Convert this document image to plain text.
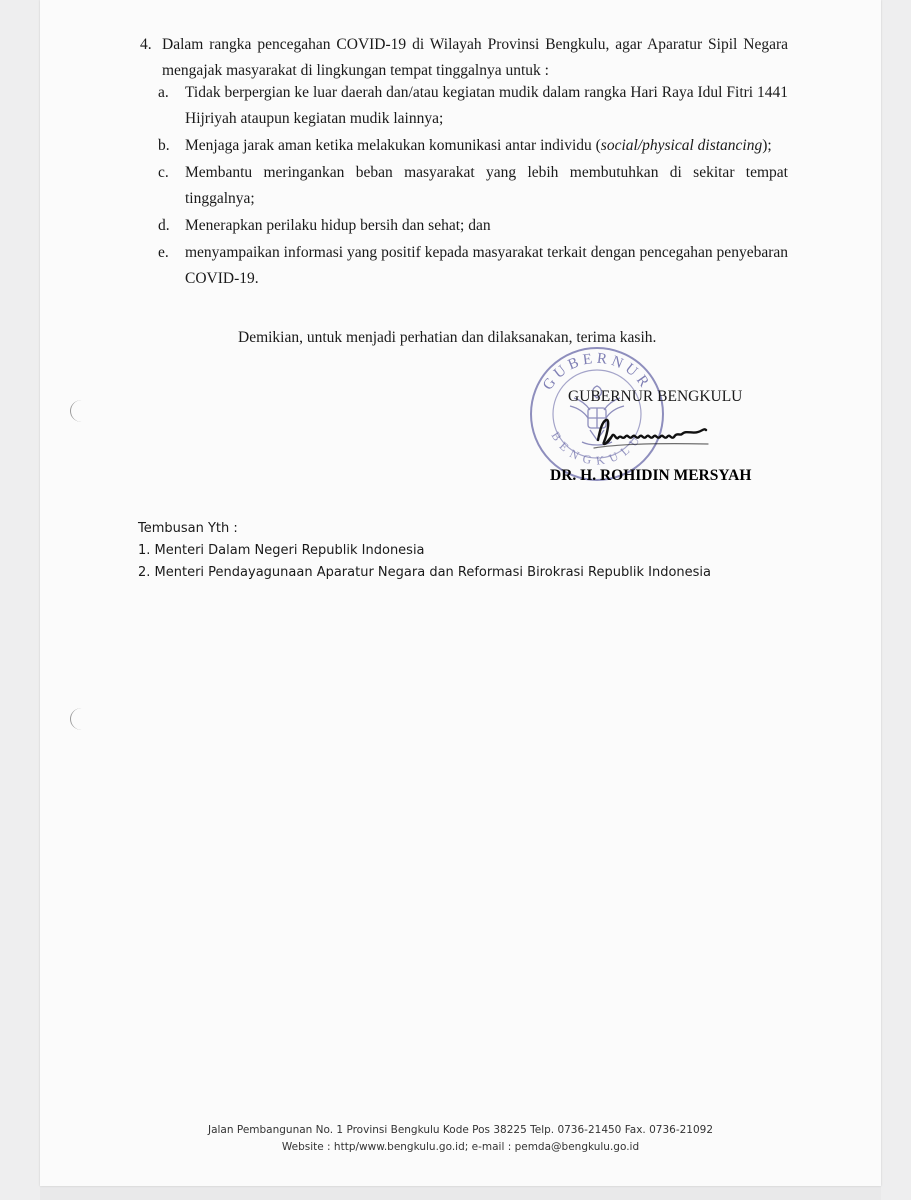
4. Dalam rangka pencegahan COVID-19 di Wilayah Provinsi Bengkulu, agar Aparatur Sipil Negara mengajak masyarakat di lingkungan tempat tinggalnya untuk :
a. Tidak berpergian ke luar daerah dan/atau kegiatan mudik dalam rangka Hari Raya Idul Fitri 1441 Hijriyah ataupun kegiatan mudik lainnya;
b. Menjaga jarak aman ketika melakukan komunikasi antar individu (social/physical distancing);
c. Membantu meringankan beban masyarakat yang lebih membutuhkan di sekitar tempat tinggalnya;
d. Menerapkan perilaku hidup bersih dan sehat; dan
e. menyampaikan informasi yang positif kepada masyarakat terkait dengan pencegahan penyebaran COVID-19.
Demikian, untuk menjadi perhatian dan dilaksanakan, terima kasih.
GUBERNUR
BENGKULU
GUBERNUR BENGKULU
DR. H. ROHIDIN MERSYAH
Tembusan Yth :
1. Menteri Dalam Negeri Republik Indonesia
2. Menteri Pendayagunaan Aparatur Negara dan Reformasi Birokrasi Republik Indonesia
Jalan Pembangunan No. 1 Provinsi Bengkulu Kode Pos 38225 Telp. 0736-21450 Fax. 0736-21092
Website : http/www.bengkulu.go.id; e-mail : pemda@bengkulu.go.id
